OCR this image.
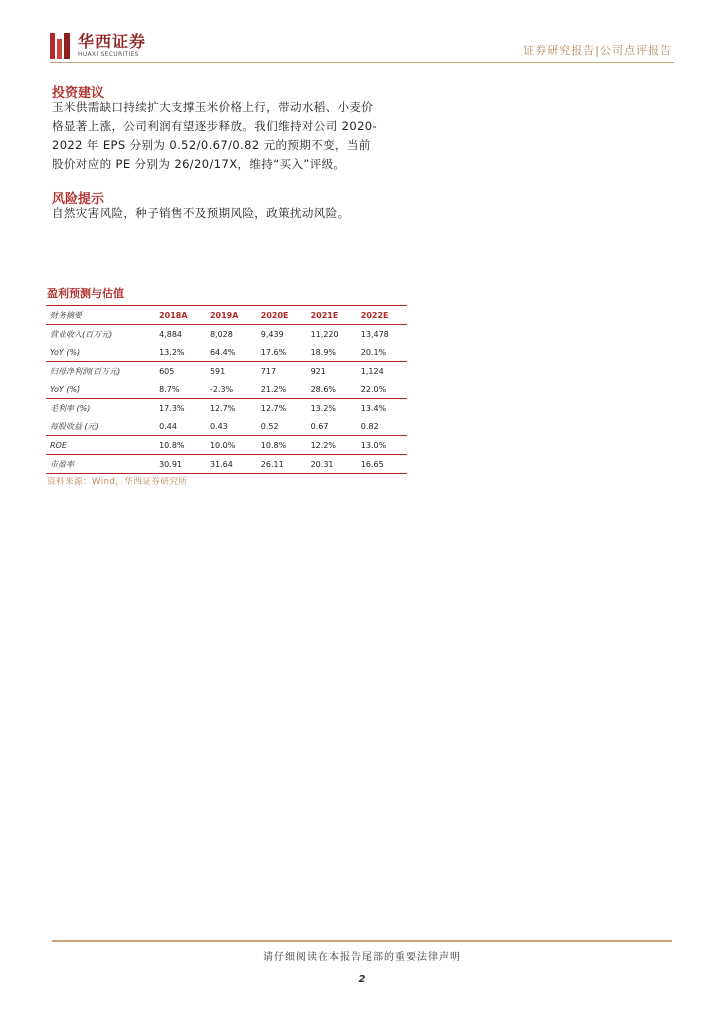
华西证券
HUAXI SECURITIES	证券研究报告|公司点评报告
投资建议
玉米供需缺口持续扩大支撑玉米价格上行，带动水稻、小麦价格显著上涨，公司利润有望逐步释放。我们维持对公司 2020-2022 年 EPS 分别为 0.52/0.67/0.82 元的预期不变，当前股价对应的 PE 分别为 26/20/17X，维持“买入”评级。
风险提示
自然灾害风险，种子销售不及预期风险，政策扰动风险。
盈利预测与估值
财务摘要	2018A	2019A	2020E	2021E	2022E
营业收入(百万元)	4,884	8,028	9,439	11,220	13,478
YoY (%)	13.2%	64.4%	17.6%	18.9%	20.1%
归母净利润(百万元)	605	591	717	921	1,124
YoY (%)	8.7%	-2.3%	21.2%	28.6%	22.0%
毛利率 (%)	17.3%	12.7%	12.7%	13.2%	13.4%
每股收益 (元)	0.44	0.43	0.52	0.67	0.82
ROE	10.8%	10.0%	10.8%	12.2%	13.0%
市盈率	30.91	31.64	26.11	20.31	16.65
资料来源：Wind，华西证券研究所
请仔细阅读在本报告尾部的重要法律声明
2
